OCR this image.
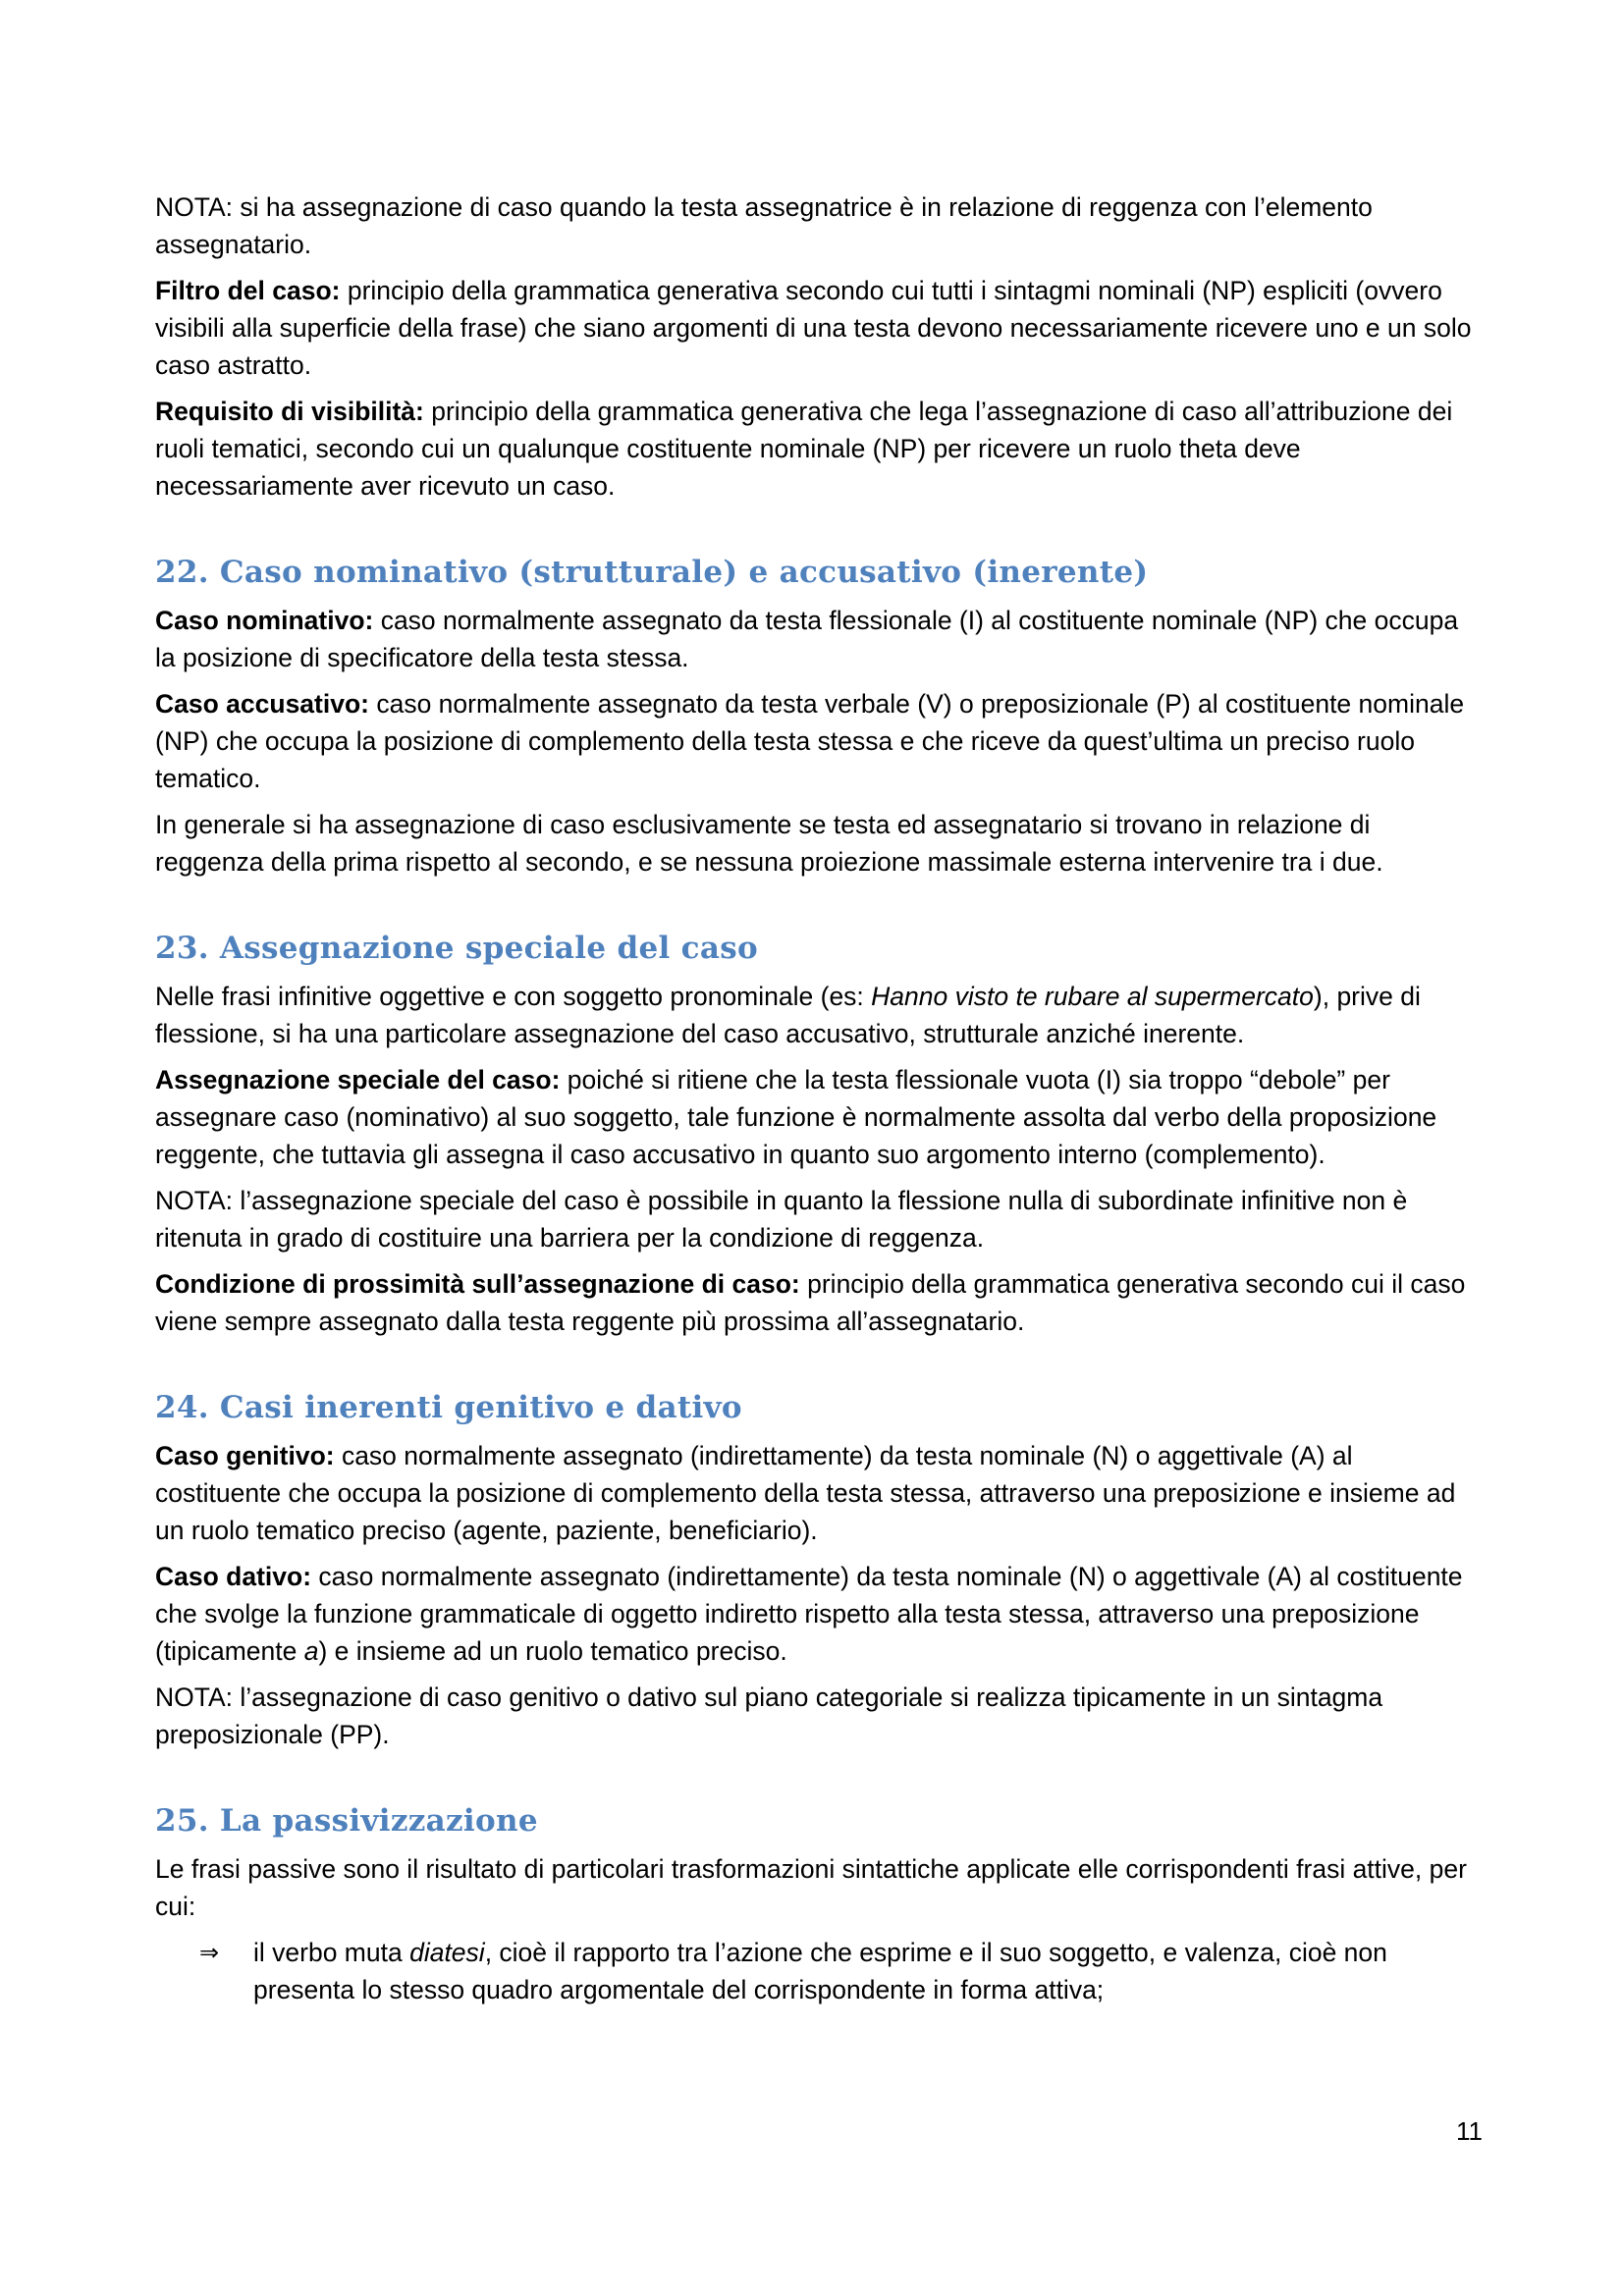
NOTA: si ha assegnazione di caso quando la testa assegnatrice è in relazione di reggenza con l’elemento assegnatario.

Filtro del caso: principio della grammatica generativa secondo cui tutti i sintagmi nominali (NP) espliciti (ovvero visibili alla superficie della frase) che siano argomenti di una testa devono necessariamente ricevere uno e un solo caso astratto.

Requisito di visibilità: principio della grammatica generativa che lega l’assegnazione di caso all’attribuzione dei ruoli tematici, secondo cui un qualunque costituente nominale (NP) per ricevere un ruolo theta deve necessariamente aver ricevuto un caso.

22. Caso nominativo (strutturale) e accusativo (inerente)

Caso nominativo: caso normalmente assegnato da testa flessionale (I) al costituente nominale (NP) che occupa la posizione di specificatore della testa stessa.

Caso accusativo: caso normalmente assegnato da testa verbale (V) o preposizionale (P) al costituente nominale (NP) che occupa la posizione di complemento della testa stessa e che riceve da quest’ultima un preciso ruolo tematico.

In generale si ha assegnazione di caso esclusivamente se testa ed assegnatario si trovano in relazione di reggenza della prima rispetto al secondo, e se nessuna proiezione massimale esterna intervenire tra i due.

23. Assegnazione speciale del caso

Nelle frasi infinitive oggettive e con soggetto pronominale (es: Hanno visto te rubare al supermercato), prive di flessione, si ha una particolare assegnazione del caso accusativo, strutturale anziché inerente.

Assegnazione speciale del caso: poiché si ritiene che la testa flessionale vuota (I) sia troppo “debole” per assegnare caso (nominativo) al suo soggetto, tale funzione è normalmente assolta dal verbo della proposizione reggente, che tuttavia gli assegna il caso accusativo in quanto suo argomento interno (complemento).

NOTA: l’assegnazione speciale del caso è possibile in quanto la flessione nulla di subordinate infinitive non è ritenuta in grado di costituire una barriera per la condizione di reggenza.

Condizione di prossimità sull’assegnazione di caso: principio della grammatica generativa secondo cui il caso viene sempre assegnato dalla testa reggente più prossima all’assegnatario.

24. Casi inerenti genitivo e dativo

Caso genitivo: caso normalmente assegnato (indirettamente) da testa nominale (N) o aggettivale (A) al costituente che occupa la posizione di complemento della testa stessa, attraverso una preposizione e insieme ad un ruolo tematico preciso (agente, paziente, beneficiario).

Caso dativo: caso normalmente assegnato (indirettamente) da testa nominale (N) o aggettivale (A) al costituente che svolge la funzione grammaticale di oggetto indiretto rispetto alla testa stessa, attraverso una preposizione (tipicamente a) e insieme ad un ruolo tematico preciso.

NOTA: l’assegnazione di caso genitivo o dativo sul piano categoriale si realizza tipicamente in un sintagma preposizionale (PP).

25. La passivizzazione

Le frasi passive sono il risultato di particolari trasformazioni sintattiche applicate elle corrispondenti frasi attive, per cui:

⇒	il verbo muta diatesi, cioè il rapporto tra l’azione che esprime e il suo soggetto, e valenza, cioè non presenta lo stesso quadro argomentale del corrispondente in forma attiva;
11
